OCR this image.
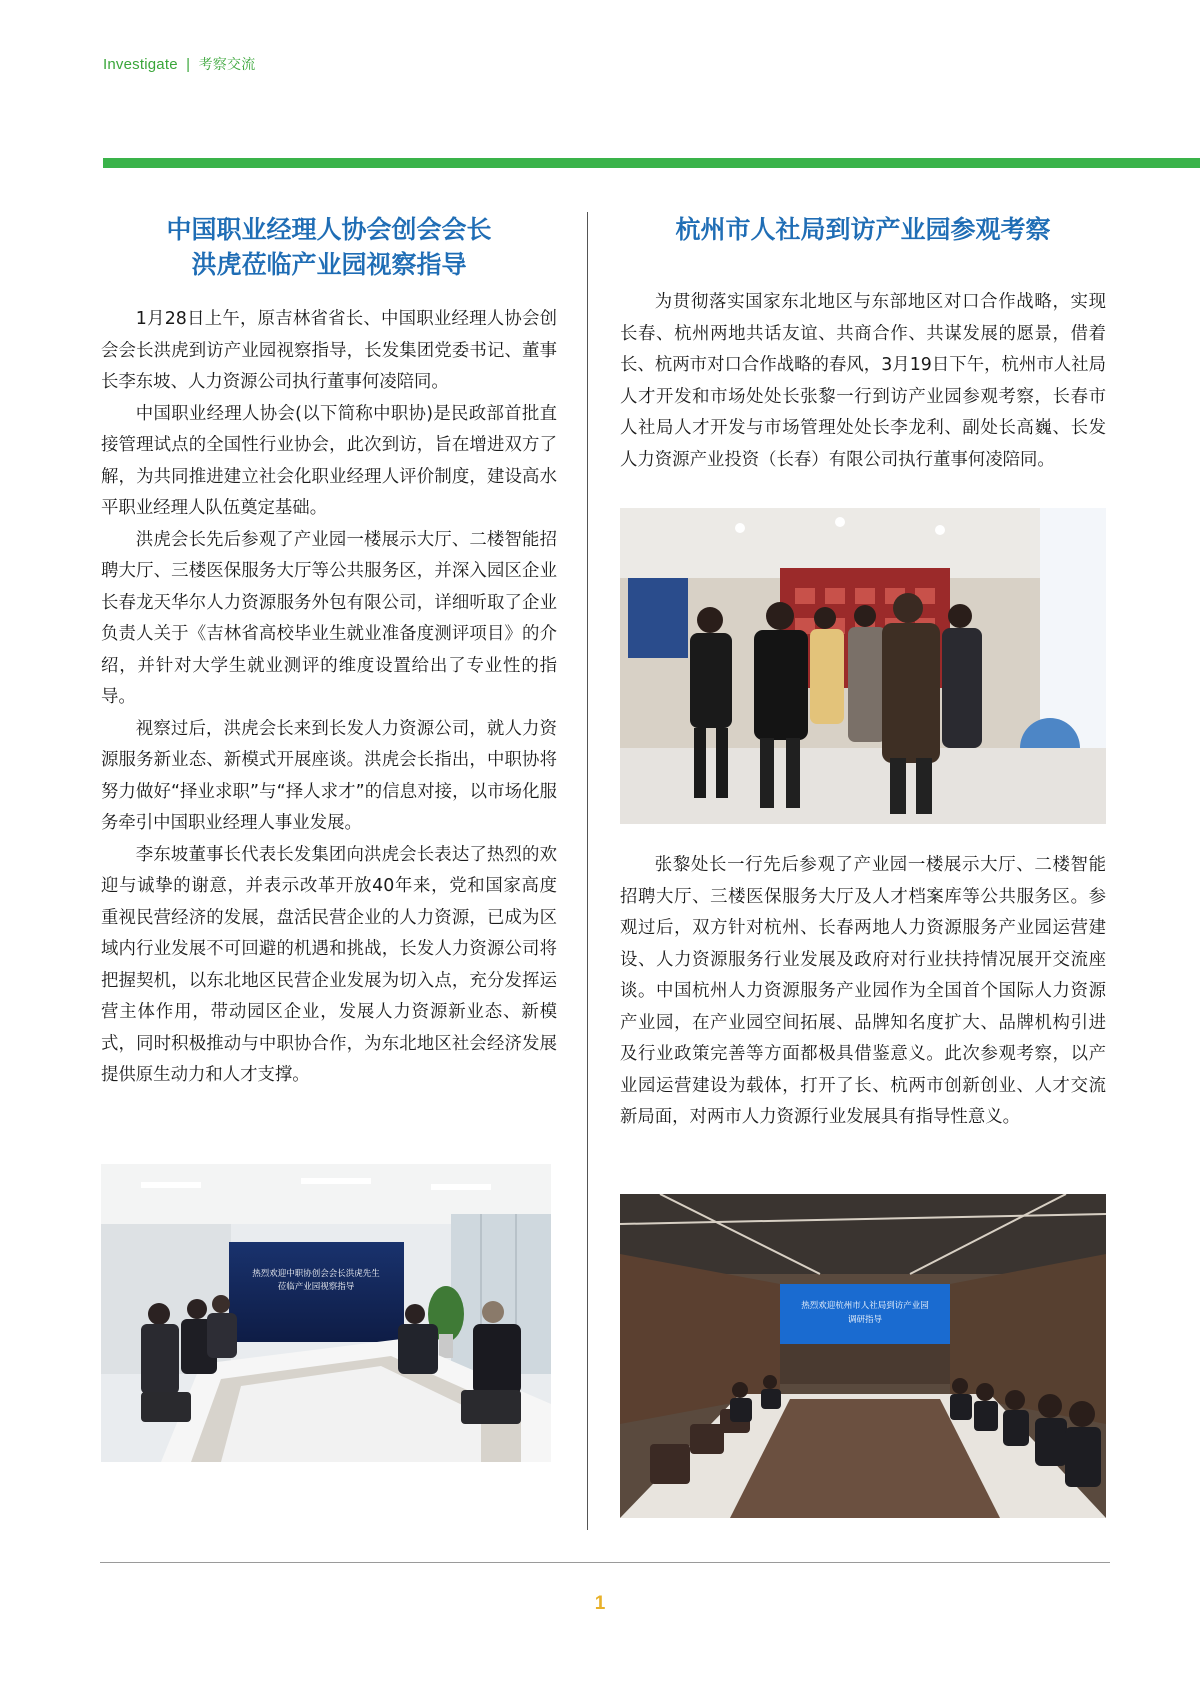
Investigate | 考察交流
中国职业经理人协会创会会长
洪虎莅临产业园视察指导

1月28日上午，原吉林省省长、中国职业经理人协会创会会长洪虎到访产业园视察指导，长发集团党委书记、董事长李东坡、人力资源公司执行董事何凌陪同。

中国职业经理人协会(以下简称中职协)是民政部首批直接管理试点的全国性行业协会，此次到访，旨在增进双方了解，为共同推进建立社会化职业经理人评价制度，建设高水平职业经理人队伍奠定基础。

洪虎会长先后参观了产业园一楼展示大厅、二楼智能招聘大厅、三楼医保服务大厅等公共服务区，并深入园区企业长春龙天华尔人力资源服务外包有限公司，详细听取了企业负责人关于《吉林省高校毕业生就业准备度测评项目》的介绍，并针对大学生就业测评的维度设置给出了专业性的指导。

视察过后，洪虎会长来到长发人力资源公司，就人力资源服务新业态、新模式开展座谈。洪虎会长指出，中职协将努力做好“择业求职”与“择人求才”的信息对接，以市场化服务牵引中国职业经理人事业发展。

李东坡董事长代表长发集团向洪虎会长表达了热烈的欢迎与诚挚的谢意，并表示改革开放40年来，党和国家高度重视民营经济的发展，盘活民营企业的人力资源，已成为区域内行业发展不可回避的机遇和挑战，长发人力资源公司将把握契机，以东北地区民营企业发展为切入点，充分发挥运营主体作用，带动园区企业，发展人力资源新业态、新模式，同时积极推动与中职协合作，为东北地区社会经济发展提供原生动力和人才支撑。

热烈欢迎中职协创会会长洪虎先生
莅临产业园视察指导
杭州市人社局到访产业园参观考察

为贯彻落实国家东北地区与东部地区对口合作战略，实现长春、杭州两地共话友谊、共商合作、共谋发展的愿景，借着长、杭两市对口合作战略的春风，3月19日下午，杭州市人社局人才开发和市场处处长张黎一行到访产业园参观考察，长春市人社局人才开发与市场管理处处长李龙利、副处长高巍、长发人力资源产业投资（长春）有限公司执行董事何凌陪同。

张黎处长一行先后参观了产业园一楼展示大厅、二楼智能招聘大厅、三楼医保服务大厅及人才档案库等公共服务区。参观过后，双方针对杭州、长春两地人力资源服务产业园运营建设、人力资源服务行业发展及政府对行业扶持情况展开交流座谈。中国杭州人力资源服务产业园作为全国首个国际人力资源产业园，在产业园空间拓展、品牌知名度扩大、品牌机构引进及行业政策完善等方面都极具借鉴意义。此次参观考察，以产业园运营建设为载体，打开了长、杭两市创新创业、人才交流新局面，对两市人力资源行业发展具有指导性意义。

热烈欢迎杭州市人社局到访产业园
调研指导
1
